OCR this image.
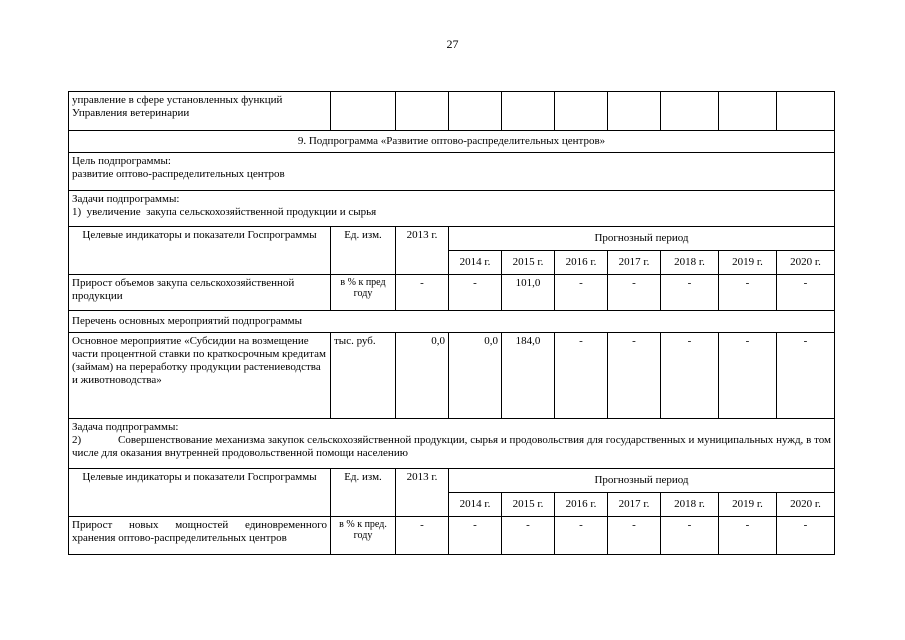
27
управление в сфере установленных функций Управления ветеринарии									
9. Подпрограмма «Развитие оптово-распределительных центров»									

Цель подпрограммы:
развитие оптово-распределительных центров									

Задачи подпрограммы:
1)  увеличение  закупа сельскохозяйственной продукции и сырья									

Целевые индикаторы и показатели Госпрограммы	Ед. изм.	2013 г.	Прогнозный период						
			2014 г.	2015 г.	2016 г.	2017 г.	2018 г.	2019 г.	2020 г.
Прирост объемов закупа сельскохозяйственной продукции	в % к пред году	-	-	101,0	-	-	-	-	-
Перечень основных мероприятий подпрограммы									
Основное мероприятие «Субсидии на возмещение части процентной ставки по краткосрочным кредитам (займам) на переработку продукции растениеводства и животноводства»	тыс. руб.	0,0	0,0	184,0	-	-	-	-	-

Задача подпрограммы:
2) Совершенствование механизма закупок сельскохозяйственной продукции, сырья и продовольствия для государственных и муниципальных нужд, в том числе для оказания внутренней продовольственной помощи населению									

Целевые индикаторы и показатели Госпрограммы	Ед. изм.	2013 г.	Прогнозный период						
			2014 г.	2015 г.	2016 г.	2017 г.	2018 г.	2019 г.	2020 г.
Прирост новых мощностей единовременного хранения оптово-распределительных центров	в % к пред. году	-	-	-	-	-	-	-	-
